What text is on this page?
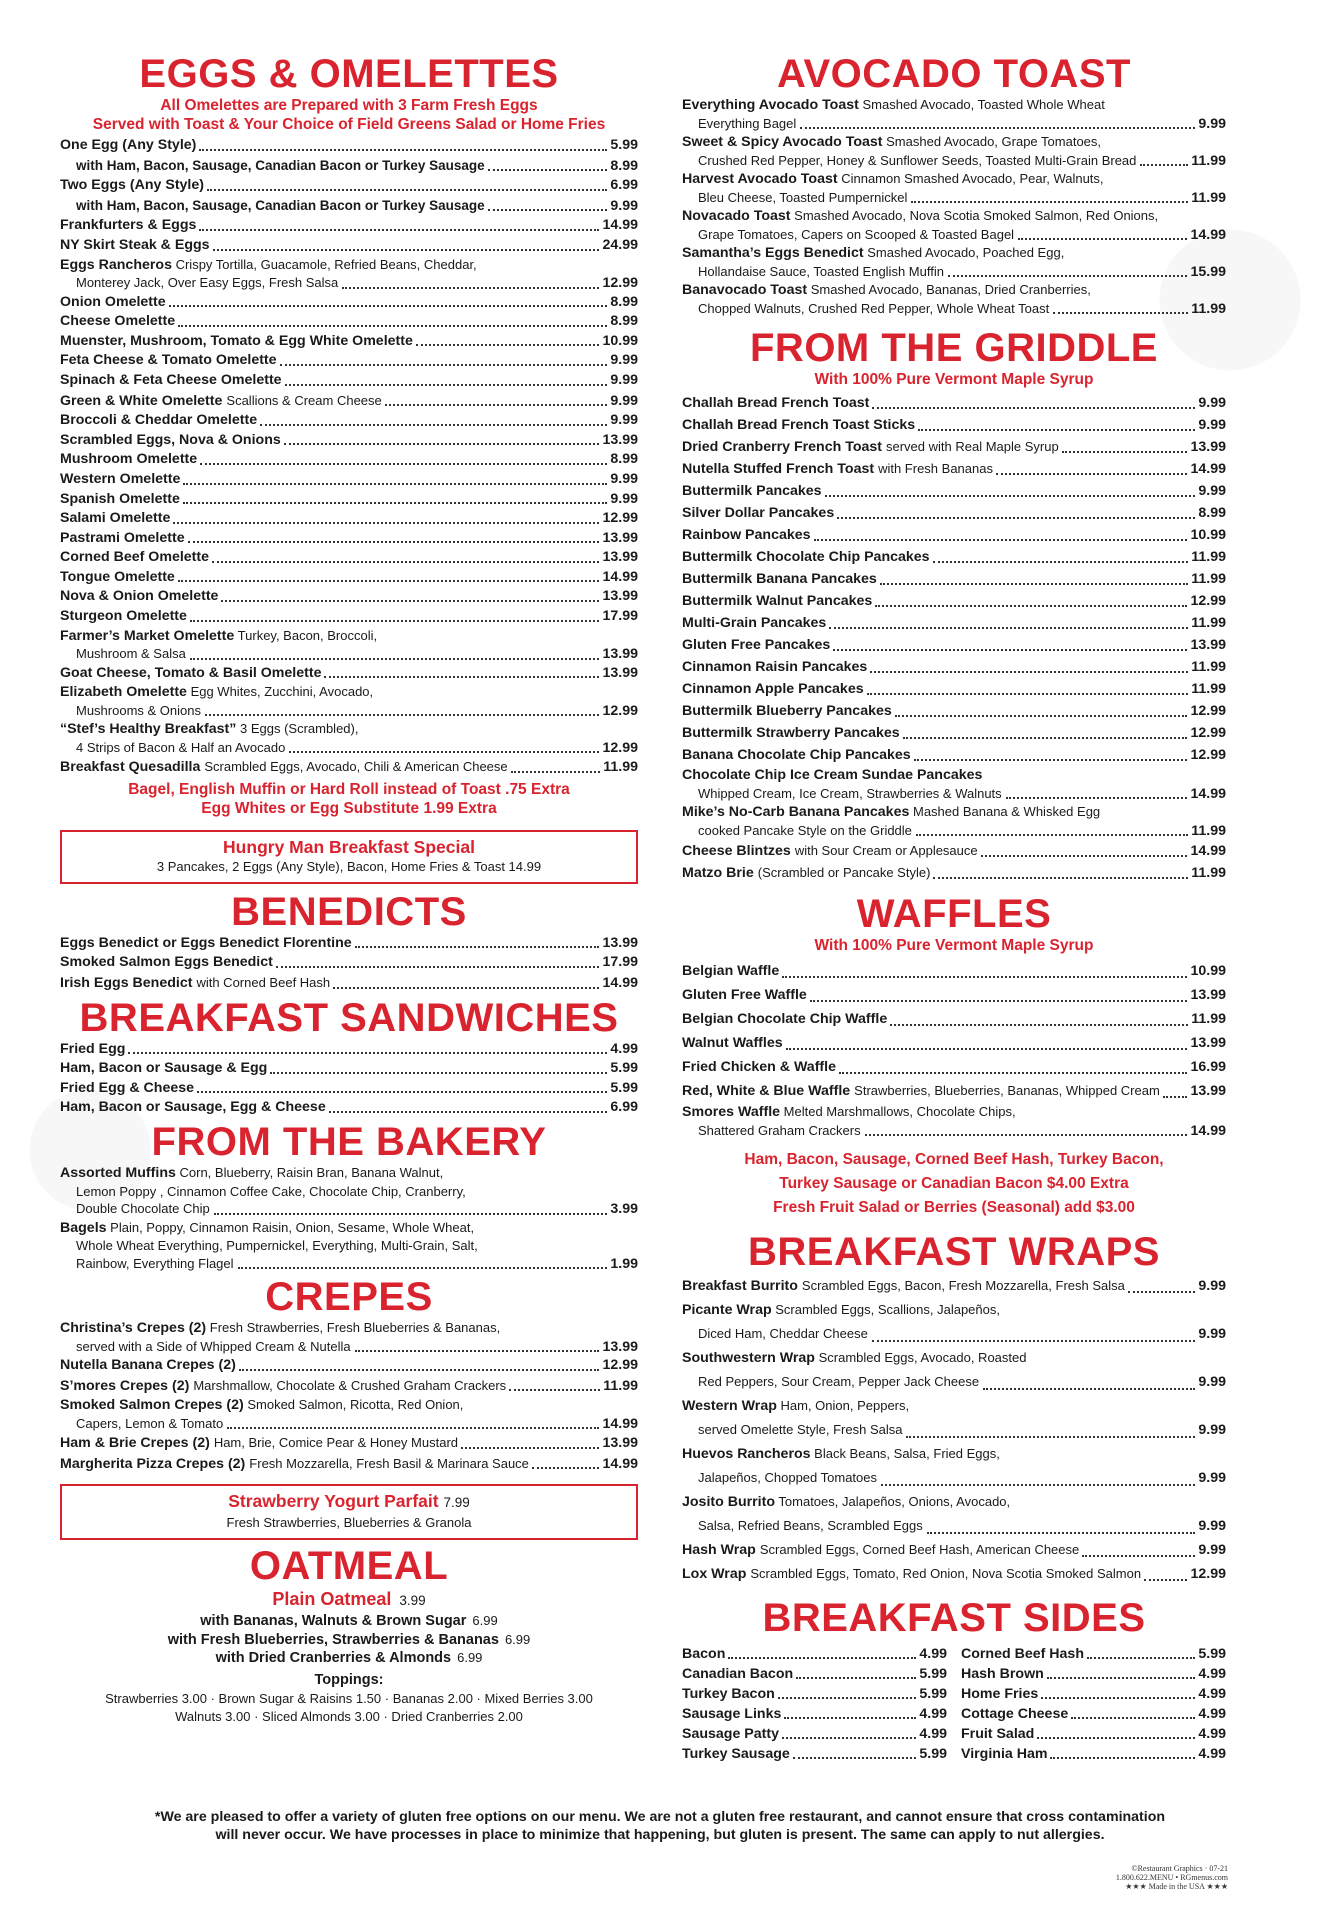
EGGS & OMELETTES
All Omelettes are Prepared with 3 Farm Fresh Eggs
Served with Toast & Your Choice of Field Greens Salad or Home Fries
One Egg (Any Style)	5.99
with Ham, Bacon, Sausage, Canadian Bacon or Turkey Sausage	8.99
Two Eggs (Any Style)	6.99
with Ham, Bacon, Sausage, Canadian Bacon or Turkey Sausage	9.99
Frankfurters & Eggs	14.99
NY Skirt Steak & Eggs	24.99
Eggs Rancheros Crispy Tortilla, Guacamole, Refried Beans, Cheddar,
Monterey Jack, Over Easy Eggs, Fresh Salsa	12.99
Onion Omelette	8.99
Cheese Omelette	8.99
Muenster, Mushroom, Tomato & Egg White Omelette	10.99
Feta Cheese & Tomato Omelette	9.99
Spinach & Feta Cheese Omelette	9.99
Green & White Omelette Scallions & Cream Cheese	9.99
Broccoli & Cheddar Omelette	9.99
Scrambled Eggs, Nova & Onions	13.99
Mushroom Omelette	8.99
Western Omelette	9.99
Spanish Omelette	9.99
Salami Omelette	12.99
Pastrami Omelette	13.99
Corned Beef Omelette	13.99
Tongue Omelette	14.99
Nova & Onion Omelette	13.99
Sturgeon Omelette	17.99
Farmer’s Market Omelette Turkey, Bacon, Broccoli,
Mushroom & Salsa	13.99
Goat Cheese, Tomato & Basil Omelette	13.99
Elizabeth Omelette Egg Whites, Zucchini, Avocado,
Mushrooms & Onions	12.99
“Stef’s Healthy Breakfast” 3 Eggs (Scrambled),
4 Strips of Bacon & Half an Avocado	12.99
Breakfast Quesadilla Scrambled Eggs, Avocado, Chili & American Cheese	11.99
Bagel, English Muffin or Hard Roll instead of Toast .75 Extra
Egg Whites or Egg Substitute 1.99 Extra
Hungry Man Breakfast Special
3 Pancakes, 2 Eggs (Any Style), Bacon, Home Fries & Toast 14.99
BENEDICTS
Eggs Benedict or Eggs Benedict Florentine	13.99
Smoked Salmon Eggs Benedict	17.99
Irish Eggs Benedict with Corned Beef Hash	14.99
BREAKFAST SANDWICHES
Fried Egg	4.99
Ham, Bacon or Sausage & Egg	5.99
Fried Egg & Cheese	5.99
Ham, Bacon or Sausage, Egg & Cheese	6.99
FROM THE BAKERY
Assorted Muffins Corn, Blueberry, Raisin Bran, Banana Walnut,
Lemon Poppy , Cinnamon Coffee Cake, Chocolate Chip, Cranberry,
Double Chocolate Chip	3.99
Bagels Plain, Poppy, Cinnamon Raisin, Onion, Sesame, Whole Wheat,
Whole Wheat Everything, Pumpernickel, Everything, Multi-Grain, Salt,
Rainbow, Everything Flagel	1.99
CREPES
Christina’s Crepes (2) Fresh Strawberries, Fresh Blueberries & Bananas,
served with a Side of Whipped Cream & Nutella	13.99
Nutella Banana Crepes (2)	12.99
S’mores Crepes (2) Marshmallow, Chocolate & Crushed Graham Crackers	11.99
Smoked Salmon Crepes (2) Smoked Salmon, Ricotta, Red Onion,
Capers, Lemon & Tomato	14.99
Ham & Brie Crepes (2) Ham, Brie, Comice Pear & Honey Mustard	13.99
Margherita Pizza Crepes (2) Fresh Mozzarella, Fresh Basil & Marinara Sauce	14.99
Strawberry Yogurt Parfait 7.99
Fresh Strawberries, Blueberries & Granola
OATMEAL
Plain Oatmeal 3.99
with Bananas, Walnuts & Brown Sugar 6.99
with Fresh Blueberries, Strawberries & Bananas 6.99
with Dried Cranberries & Almonds 6.99
Toppings:
Strawberries 3.00 · Brown Sugar & Raisins 1.50 · Bananas 2.00 · Mixed Berries 3.00
Walnuts 3.00 · Sliced Almonds 3.00 · Dried Cranberries 2.00
AVOCADO TOAST
Everything Avocado Toast Smashed Avocado, Toasted Whole Wheat
Everything Bagel	9.99
Sweet & Spicy Avocado Toast Smashed Avocado, Grape Tomatoes,
Crushed Red Pepper, Honey & Sunflower Seeds, Toasted Multi-Grain Bread	11.99
Harvest Avocado Toast Cinnamon Smashed Avocado, Pear, Walnuts,
Bleu Cheese, Toasted Pumpernickel	11.99
Novacado Toast Smashed Avocado, Nova Scotia Smoked Salmon, Red Onions,
Grape Tomatoes, Capers on Scooped & Toasted Bagel	14.99
Samantha’s Eggs Benedict Smashed Avocado, Poached Egg,
Hollandaise Sauce, Toasted English Muffin	15.99
Banavocado Toast Smashed Avocado, Bananas, Dried Cranberries,
Chopped Walnuts, Crushed Red Pepper, Whole Wheat Toast	11.99
FROM THE GRIDDLE
With 100% Pure Vermont Maple Syrup
Challah Bread French Toast	9.99
Challah Bread French Toast Sticks	9.99
Dried Cranberry French Toast served with Real Maple Syrup	13.99
Nutella Stuffed French Toast with Fresh Bananas	14.99
Buttermilk Pancakes	9.99
Silver Dollar Pancakes	8.99
Rainbow Pancakes	10.99
Buttermilk Chocolate Chip Pancakes	11.99
Buttermilk Banana Pancakes	11.99
Buttermilk Walnut Pancakes	12.99
Multi-Grain Pancakes	11.99
Gluten Free Pancakes	13.99
Cinnamon Raisin Pancakes	11.99
Cinnamon Apple Pancakes	11.99
Buttermilk Blueberry Pancakes	12.99
Buttermilk Strawberry Pancakes	12.99
Banana Chocolate Chip Pancakes	12.99
Chocolate Chip Ice Cream Sundae Pancakes
Whipped Cream, Ice Cream, Strawberries & Walnuts	14.99
Mike’s No-Carb Banana Pancakes Mashed Banana & Whisked Egg
cooked Pancake Style on the Griddle	11.99
Cheese Blintzes with Sour Cream or Applesauce	14.99
Matzo Brie (Scrambled or Pancake Style)	11.99
WAFFLES
With 100% Pure Vermont Maple Syrup
Belgian Waffle	10.99
Gluten Free Waffle	13.99
Belgian Chocolate Chip Waffle	11.99
Walnut Waffles	13.99
Fried Chicken & Waffle	16.99
Red, White & Blue Waffle Strawberries, Blueberries, Bananas, Whipped Cream 13.99
Smores Waffle Melted Marshmallows, Chocolate Chips,
Shattered Graham Crackers	14.99
Ham, Bacon, Sausage, Corned Beef Hash, Turkey Bacon,
Turkey Sausage or Canadian Bacon $4.00 Extra
Fresh Fruit Salad or Berries (Seasonal) add $3.00
BREAKFAST WRAPS
Breakfast Burrito Scrambled Eggs, Bacon, Fresh Mozzarella, Fresh Salsa	9.99
Picante Wrap Scrambled Eggs, Scallions, Jalapeños,
Diced Ham, Cheddar Cheese	9.99
Southwestern Wrap Scrambled Eggs, Avocado, Roasted
Red Peppers, Sour Cream, Pepper Jack Cheese	9.99
Western Wrap Ham, Onion, Peppers,
served Omelette Style, Fresh Salsa	9.99
Huevos Rancheros Black Beans, Salsa, Fried Eggs,
Jalapeños, Chopped Tomatoes	9.99
Josito Burrito Tomatoes, Jalapeños, Onions, Avocado,
Salsa, Refried Beans, Scrambled Eggs	9.99
Hash Wrap Scrambled Eggs, Corned Beef Hash, American Cheese	9.99
Lox Wrap Scrambled Eggs, Tomato, Red Onion, Nova Scotia Smoked Salmon	12.99
BREAKFAST SIDES
Bacon	4.99
Canadian Bacon	5.99
Turkey Bacon	5.99
Sausage Links	4.99
Sausage Patty	4.99
Turkey Sausage	5.99
Corned Beef Hash	5.99
Hash Brown	4.99
Home Fries	4.99
Cottage Cheese	4.99
Fruit Salad	4.99
Virginia Ham	4.99
*We are pleased to offer a variety of gluten free options on our menu. We are not a gluten free restaurant, and cannot ensure that cross contamination
will never occur. We have processes in place to minimize that happening, but gluten is present. The same can apply to nut allergies.
©Restaurant Graphics · 07-21
1.800.622.MENU • RGmenus.com
★★★ Made in the USA ★★★
